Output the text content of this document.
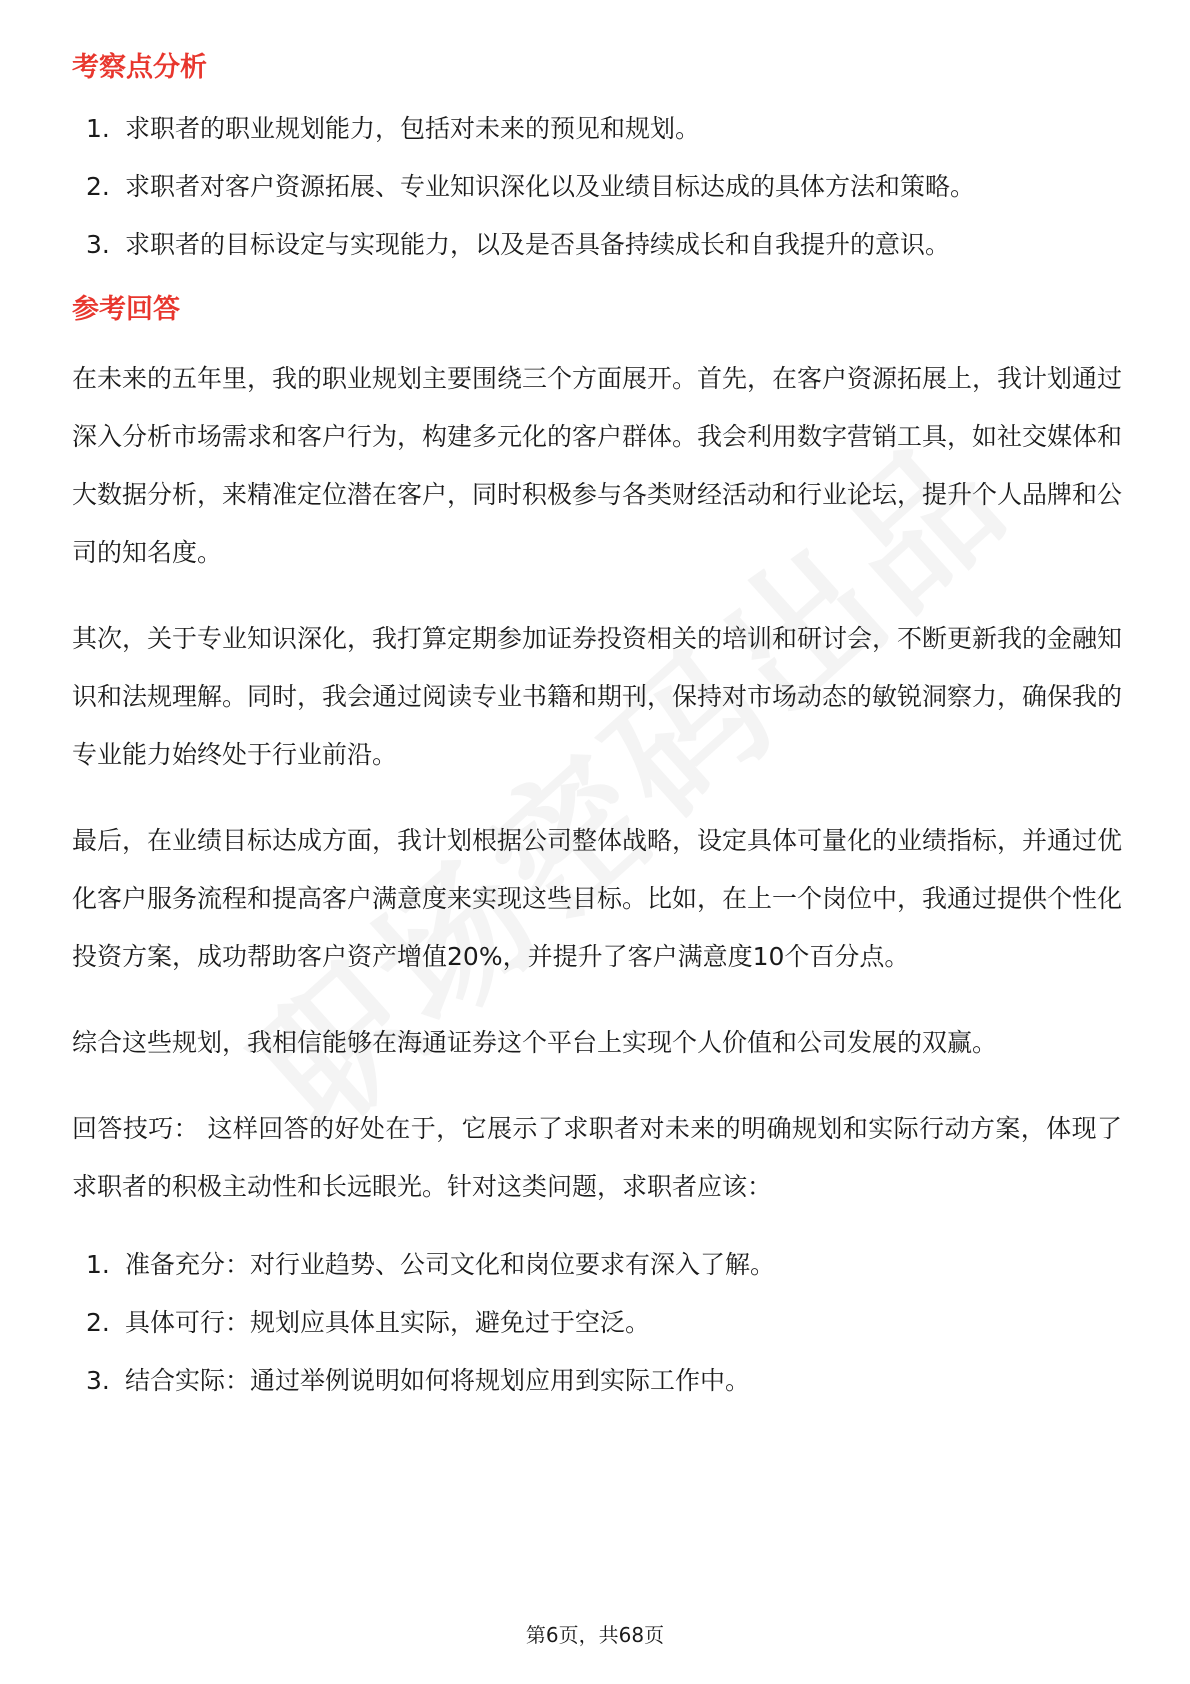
考察点分析
1. 求职者的职业规划能力，包括对未来的预见和规划。
2. 求职者对客户资源拓展、专业知识深化以及业绩目标达成的具体方法和策略。
3. 求职者的目标设定与实现能力，以及是否具备持续成长和自我提升的意识。
参考回答

在未来的五年里，我的职业规划主要围绕三个方面展开。首先，在客户资源拓展上，我计划通过深入分析市场需求和客户行为，构建多元化的客户群体。我会利用数字营销工具，如社交媒体和大数据分析，来精准定位潜在客户，同时积极参与各类财经活动和行业论坛，提升个人品牌和公司的知名度。

其次，关于专业知识深化，我打算定期参加证券投资相关的培训和研讨会，不断更新我的金融知识和法规理解。同时，我会通过阅读专业书籍和期刊，保持对市场动态的敏锐洞察力，确保我的专业能力始终处于行业前沿。

最后，在业绩目标达成方面，我计划根据公司整体战略，设定具体可量化的业绩指标，并通过优化客户服务流程和提高客户满意度来实现这些目标。比如，在上一个岗位中，我通过提供个性化投资方案，成功帮助客户资产增值20%，并提升了客户满意度10个百分点。

综合这些规划，我相信能够在海通证券这个平台上实现个人价值和公司发展的双赢。

回答技巧： 这样回答的好处在于，它展示了求职者对未来的明确规划和实际行动方案，体现了求职者的积极主动性和长远眼光。针对这类问题，求职者应该：

1. 准备充分：对行业趋势、公司文化和岗位要求有深入了解。
2. 具体可行：规划应具体且实际，避免过于空泛。
3. 结合实际：通过举例说明如何将规划应用到实际工作中。
第6页，共68页
